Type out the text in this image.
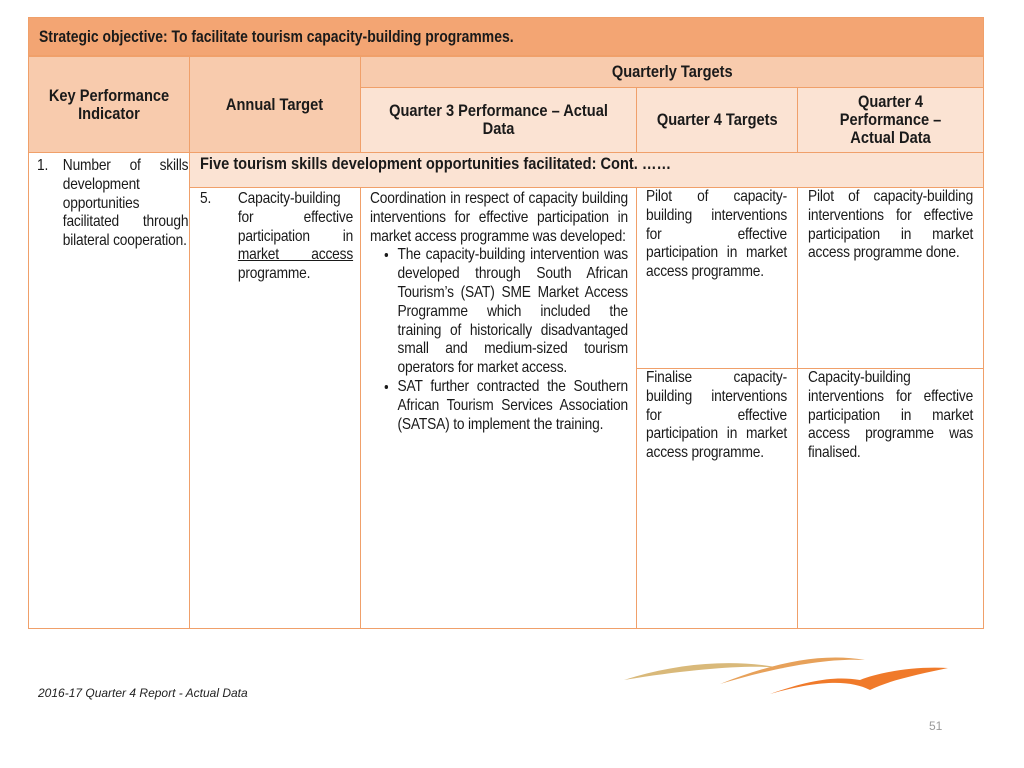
Strategic objective: To facilitate tourism capacity-building programmes.
Key Performance Indicator	Annual Target
Quarterly Targets
Quarter 3 Performance – Actual Data	Quarter 4 Targets
Quarter 4 Performance – Actual Data
1. Number of skills development opportunities facilitated through bilateral cooperation.
Five tourism skills development opportunities facilitated: Cont. ……
5. Capacity-building for effective participation in market access programme.
Coordination in respect of capacity building interventions for effective participation in market access programme was developed:
• The capacity-building intervention was developed through South African Tourism’s (SAT) SME Market Access Programme which included the training of historically disadvantaged small and medium-sized tourism operators for market access.
• SAT further contracted the Southern African Tourism Services Association (SATSA) to implement the training.
Pilot of capacity-building interventions for effective participation in market access programme.
Finalise capacity-building interventions for effective participation in market access programme.
Pilot of capacity-building interventions for effective participation in market access programme done.
Capacity-building interventions for effective participation in market access programme was finalised.
2016-17 Quarter 4 Report - Actual Data
51
